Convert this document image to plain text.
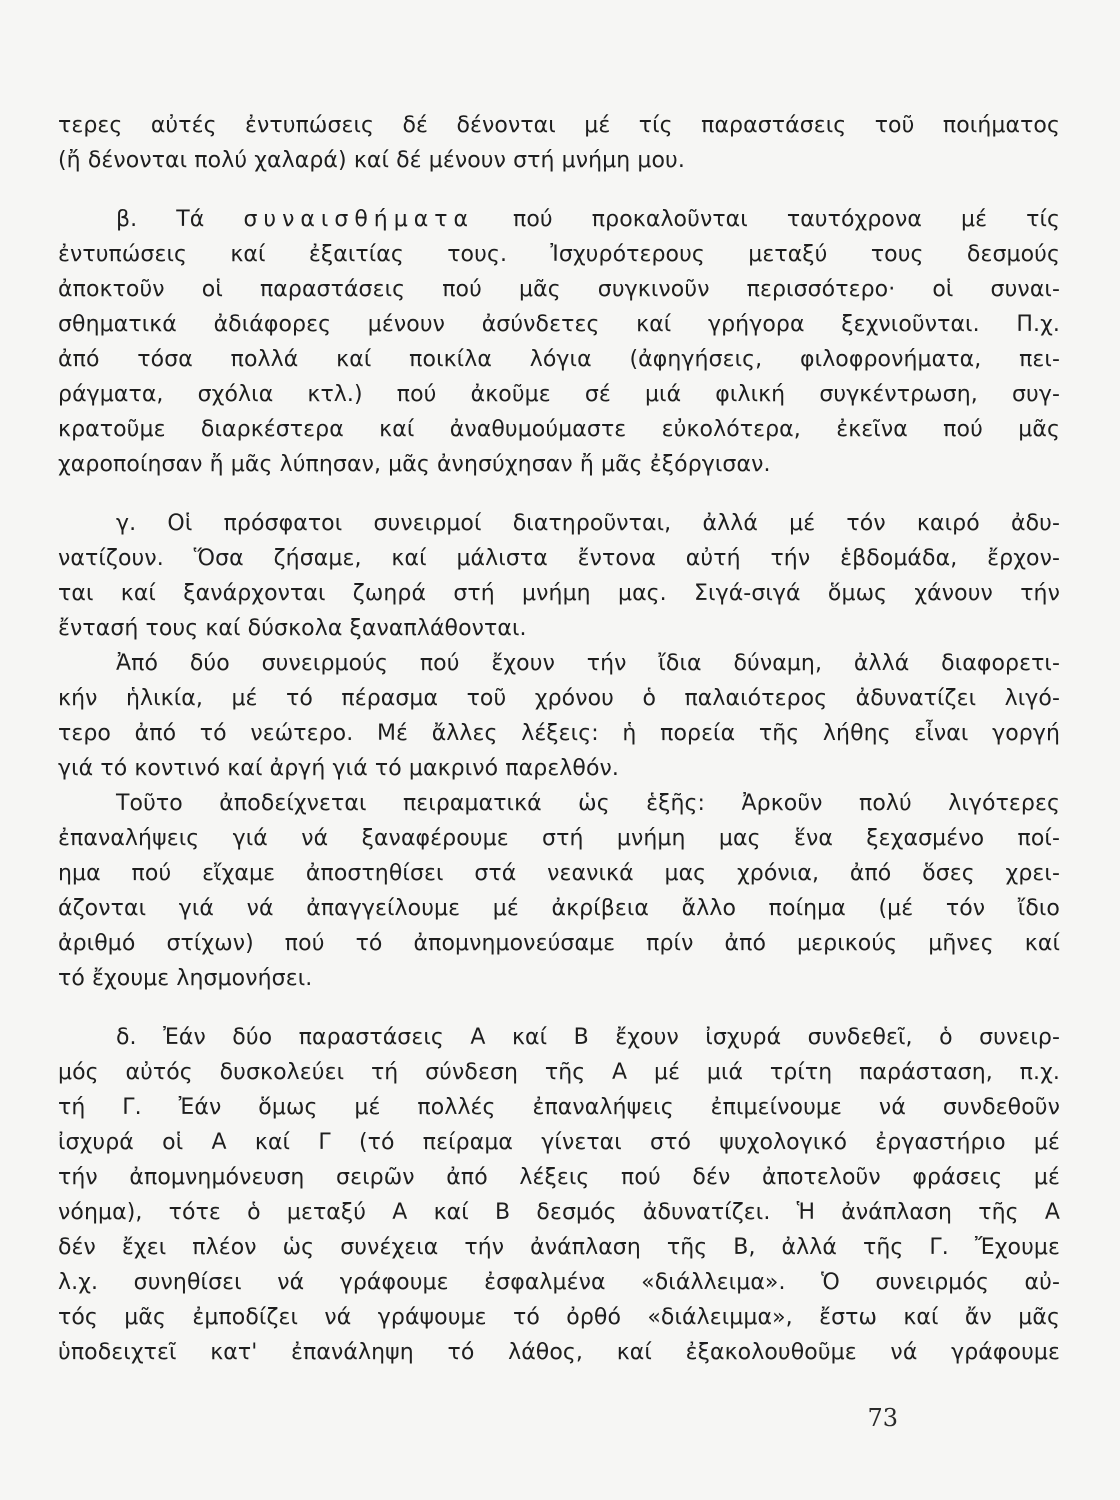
τερες αὐτές ἐντυπώσεις δέ δένονται μέ τίς παραστάσεις τοῦ ποιήματος
(ἤ δένονται πολύ χαλαρά) καί δέ μένουν στή μνήμη μου.
β. Τά συναισθήματα πού προκαλοῦνται ταυτόχρονα μέ τίς
ἐντυπώσεις καί ἐξαιτίας τους. Ἰσχυρότερους μεταξύ τους δεσμούς
ἀποκτοῦν οἱ παραστάσεις πού μᾶς συγκινοῦν περισσότερο· οἱ συναι-
σθηματικά ἀδιάφορες μένουν ἀσύνδετες καί γρήγορα ξεχνιοῦνται. Π.χ.
ἀπό τόσα πολλά καί ποικίλα λόγια (ἀφηγήσεις, φιλοφρονήματα, πει-
ράγματα, σχόλια κτλ.) πού ἀκοῦμε σέ μιά φιλική συγκέντρωση, συγ-
κρατοῦμε διαρκέστερα καί ἀναθυμούμαστε εὐκολότερα, ἐκεῖνα πού μᾶς
χαροποίησαν ἤ μᾶς λύπησαν, μᾶς ἀνησύχησαν ἤ μᾶς ἐξόργισαν.
γ. Οἱ πρόσφατοι συνειρμοί διατηροῦνται, ἀλλά μέ τόν καιρό ἀδυ-
νατίζουν. Ὅσα ζήσαμε, καί μάλιστα ἔντονα αὐτή τήν ἑβδομάδα, ἔρχον-
ται καί ξανάρχονται ζωηρά στή μνήμη μας. Σιγά-σιγά ὅμως χάνουν τήν
ἔντασή τους καί δύσκολα ξαναπλάθονται.
Ἀπό δύο συνειρμούς πού ἔχουν τήν ἴδια δύναμη, ἀλλά διαφορετι-
κήν ἡλικία, μέ τό πέρασμα τοῦ χρόνου ὁ παλαιότερος ἀδυνατίζει λιγό-
τερο ἀπό τό νεώτερο. Μέ ἄλλες λέξεις: ἡ πορεία τῆς λήθης εἶναι γοργή
γιά τό κοντινό καί ἀργή γιά τό μακρινό παρελθόν.
Τοῦτο ἀποδείχνεται πειραματικά ὡς ἑξῆς: Ἀρκοῦν πολύ λιγότερες
ἐπαναλήψεις γιά νά ξαναφέρουμε στή μνήμη μας ἕνα ξεχασμένο ποί-
ημα πού εἴχαμε ἀποστηθίσει στά νεανικά μας χρόνια, ἀπό ὅσες χρει-
άζονται γιά νά ἀπαγγείλουμε μέ ἀκρίβεια ἄλλο ποίημα (μέ τόν ἴδιο
ἀριθμό στίχων) πού τό ἀπομνημονεύσαμε πρίν ἀπό μερικούς μῆνες καί
τό ἔχουμε λησμονήσει.
δ. Ἐάν δύο παραστάσεις Α καί Β ἔχουν ἰσχυρά συνδεθεῖ, ὁ συνειρ-
μός αὐτός δυσκολεύει τή σύνδεση τῆς Α μέ μιά τρίτη παράσταση, π.χ.
τή Γ. Ἐάν ὅμως μέ πολλές ἐπαναλήψεις ἐπιμείνουμε νά συνδεθοῦν
ἰσχυρά οἱ Α καί Γ (τό πείραμα γίνεται στό ψυχολογικό ἐργαστήριο μέ
τήν ἀπομνημόνευση σειρῶν ἀπό λέξεις πού δέν ἀποτελοῦν φράσεις μέ
νόημα), τότε ὁ μεταξύ Α καί Β δεσμός ἀδυνατίζει. Ἡ ἀνάπλαση τῆς Α
δέν ἔχει πλέον ὡς συνέχεια τήν ἀνάπλαση τῆς Β, ἀλλά τῆς Γ. Ἔχουμε
λ.χ. συνηθίσει νά γράφουμε ἐσφαλμένα «διάλλειμα». Ὁ συνειρμός αὐ-
τός μᾶς ἐμποδίζει νά γράψουμε τό ὀρθό «διάλειμμα», ἔστω καί ἄν μᾶς
ὑποδειχτεῖ κατ' ἐπανάληψη τό λάθος, καί ἐξακολουθοῦμε νά γράφουμε
73
